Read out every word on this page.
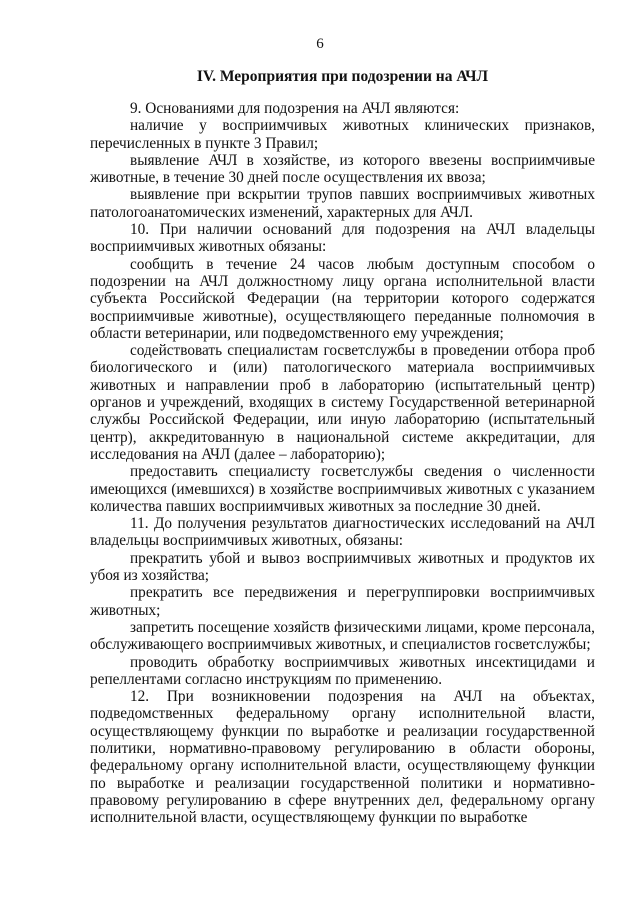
6
IV. Мероприятия при подозрении на АЧЛ

9. Основаниями для подозрения на АЧЛ являются:

наличие у восприимчивых животных клинических признаков, перечисленных в пункте 3 Правил;

выявление АЧЛ в хозяйстве, из которого ввезены восприимчивые животные, в течение 30 дней после осуществления их ввоза;

выявление при вскрытии трупов павших восприимчивых животных патологоанатомических изменений, характерных для АЧЛ.

10. При наличии оснований для подозрения на АЧЛ владельцы восприимчивых животных обязаны:

сообщить в течение 24 часов любым доступным способом о подозрении на АЧЛ должностному лицу органа исполнительной власти субъекта Российской Федерации (на территории которого содержатся восприимчивые животные), осуществляющего переданные полномочия в области ветеринарии, или подведомственного ему учреждения;

содействовать специалистам госветслужбы в проведении отбора проб биологического и (или) патологического материала восприимчивых животных и направлении проб в лабораторию (испытательный центр) органов и учреждений, входящих в систему Государственной ветеринарной службы Российской Федерации, или иную лабораторию (испытательный центр), аккредитованную в национальной системе аккредитации, для исследования на АЧЛ (далее – лабораторию);

предоставить специалисту госветслужбы сведения о численности имеющихся (имевшихся) в хозяйстве восприимчивых животных с указанием количества павших восприимчивых животных за последние 30 дней.

11. До получения результатов диагностических исследований на АЧЛ владельцы восприимчивых животных, обязаны:

прекратить убой и вывоз восприимчивых животных и продуктов их убоя из хозяйства;

прекратить все передвижения и перегруппировки восприимчивых животных;

запретить посещение хозяйств физическими лицами, кроме персонала, обслуживающего восприимчивых животных, и специалистов госветслужбы;

проводить обработку восприимчивых животных инсектицидами и репеллентами согласно инструкциям по применению.

12. При возникновении подозрения на АЧЛ на объектах, подведомственных федеральному органу исполнительной власти, осуществляющему функции по выработке и реализации государственной политики, нормативно-правовому регулированию в области обороны, федеральному органу исполнительной власти, осуществляющему функции по выработке и реализации государственной политики и нормативно-правовому регулированию в сфере внутренних дел, федеральному органу исполнительной власти, осуществляющему функции по выработке
